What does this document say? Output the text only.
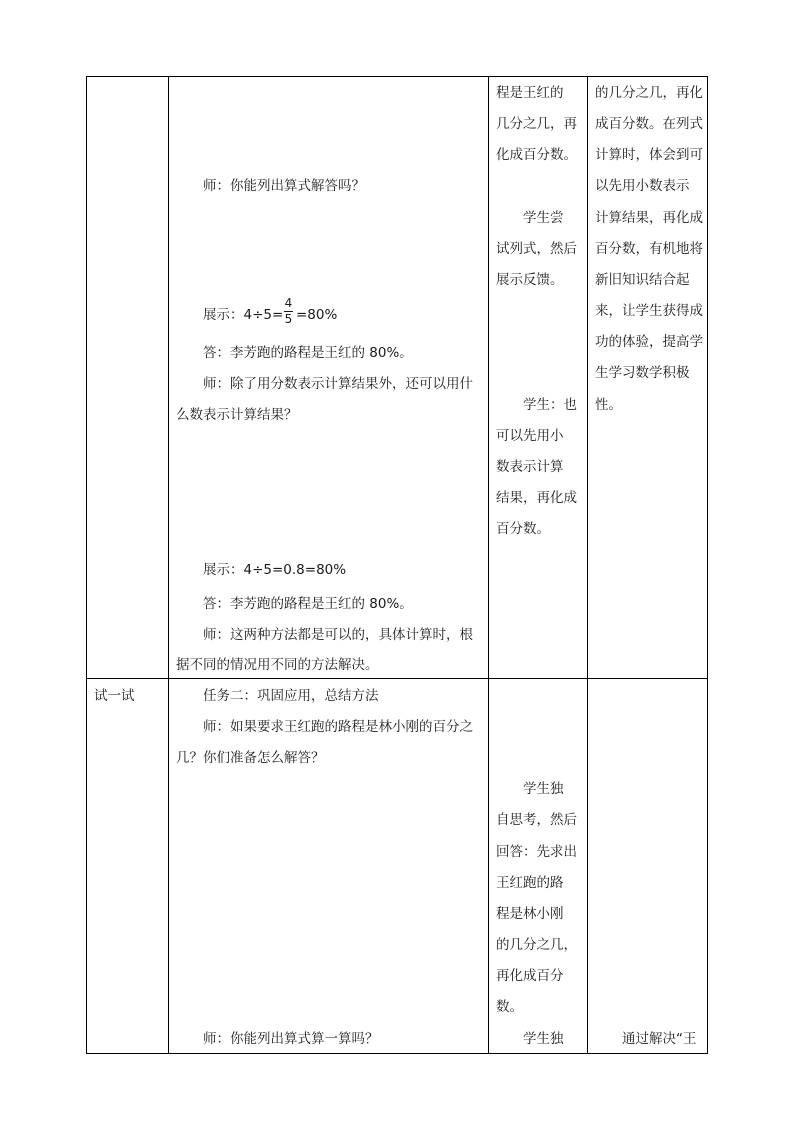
师：你能列出算式解答吗？
展示：4÷5=
4
5 =80%
答：李芳跑的路程是王红的 80%。
师：除了用分数表示计算结果外，还可以用什
么数表示计算结果？
展示：4÷5=0.8=80%
答：李芳跑的路程是王红的 80%。
师：这两种方法都是可以的，具体计算时，根
据不同的情况用不同的方法解决。
程是王红的
几分之几，再
化成百分数。
学生尝
试列式，然后
展示反馈。
学生：也
可以先用小
数表示计算
结果，再化成
百分数。
的几分之几，再化
成百分数。在列式
计算时，体会到可
以先用小数表示
计算结果，再化成
百分数，有机地将
新旧知识结合起
来，让学生获得成
功的体验，提高学
生学习数学积极
性。
试一试	任务二：巩固应用，总结方法
师：如果要求王红跑的路程是林小刚的百分之
几？你们准备怎么解答？
师：你能列出算式算一算吗？
学生独
自思考，然后
回答：先求出
王红跑的路
程是林小刚
的几分之几，
再化成百分
数。
学生独	通过解决“王
